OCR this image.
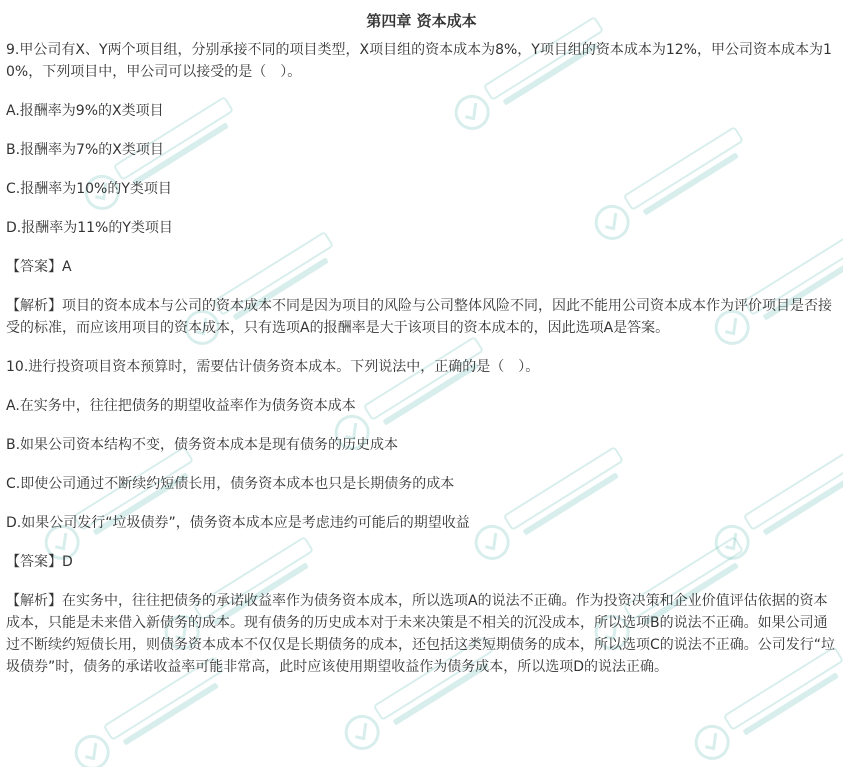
第四章 资本成本

9.甲公司有X、Y两个项目组，分别承接不同的项目类型，X项目组的资本成本为8%，Y项目组的资本成本为12%，甲公司资本成本为10%，下列项目中，甲公司可以接受的是（　）。

A.报酬率为9%的X类项目

B.报酬率为7%的X类项目

C.报酬率为10%的Y类项目

D.报酬率为11%的Y类项目

【答案】A

【解析】项目的资本成本与公司的资本成本不同是因为项目的风险与公司整体风险不同，因此不能用公司资本成本作为评价项目是否接受的标准，而应该用项目的资本成本，只有选项A的报酬率是大于该项目的资本成本的，因此选项A是答案。

10.进行投资项目资本预算时，需要估计债务资本成本。下列说法中，正确的是（　）。

A.在实务中，往往把债务的期望收益率作为债务资本成本

B.如果公司资本结构不变，债务资本成本是现有债务的历史成本

C.即使公司通过不断续约短债长用，债务资本成本也只是长期债务的成本

D.如果公司发行“垃圾债券”，债务资本成本应是考虑违约可能后的期望收益

【答案】D

【解析】在实务中，往往把债务的承诺收益率作为债务资本成本，所以选项A的说法不正确。作为投资决策和企业价值评估依据的资本成本，只能是未来借入新债务的成本。现有债务的历史成本对于未来决策是不相关的沉没成本，所以选项B的说法不正确。如果公司通过不断续约短债长用，则债务资本成本不仅仅是长期债务的成本，还包括这类短期债务的成本，所以选项C的说法不正确。公司发行“垃圾债券”时，债务的承诺收益率可能非常高，此时应该使用期望收益作为债务成本，所以选项D的说法正确。
